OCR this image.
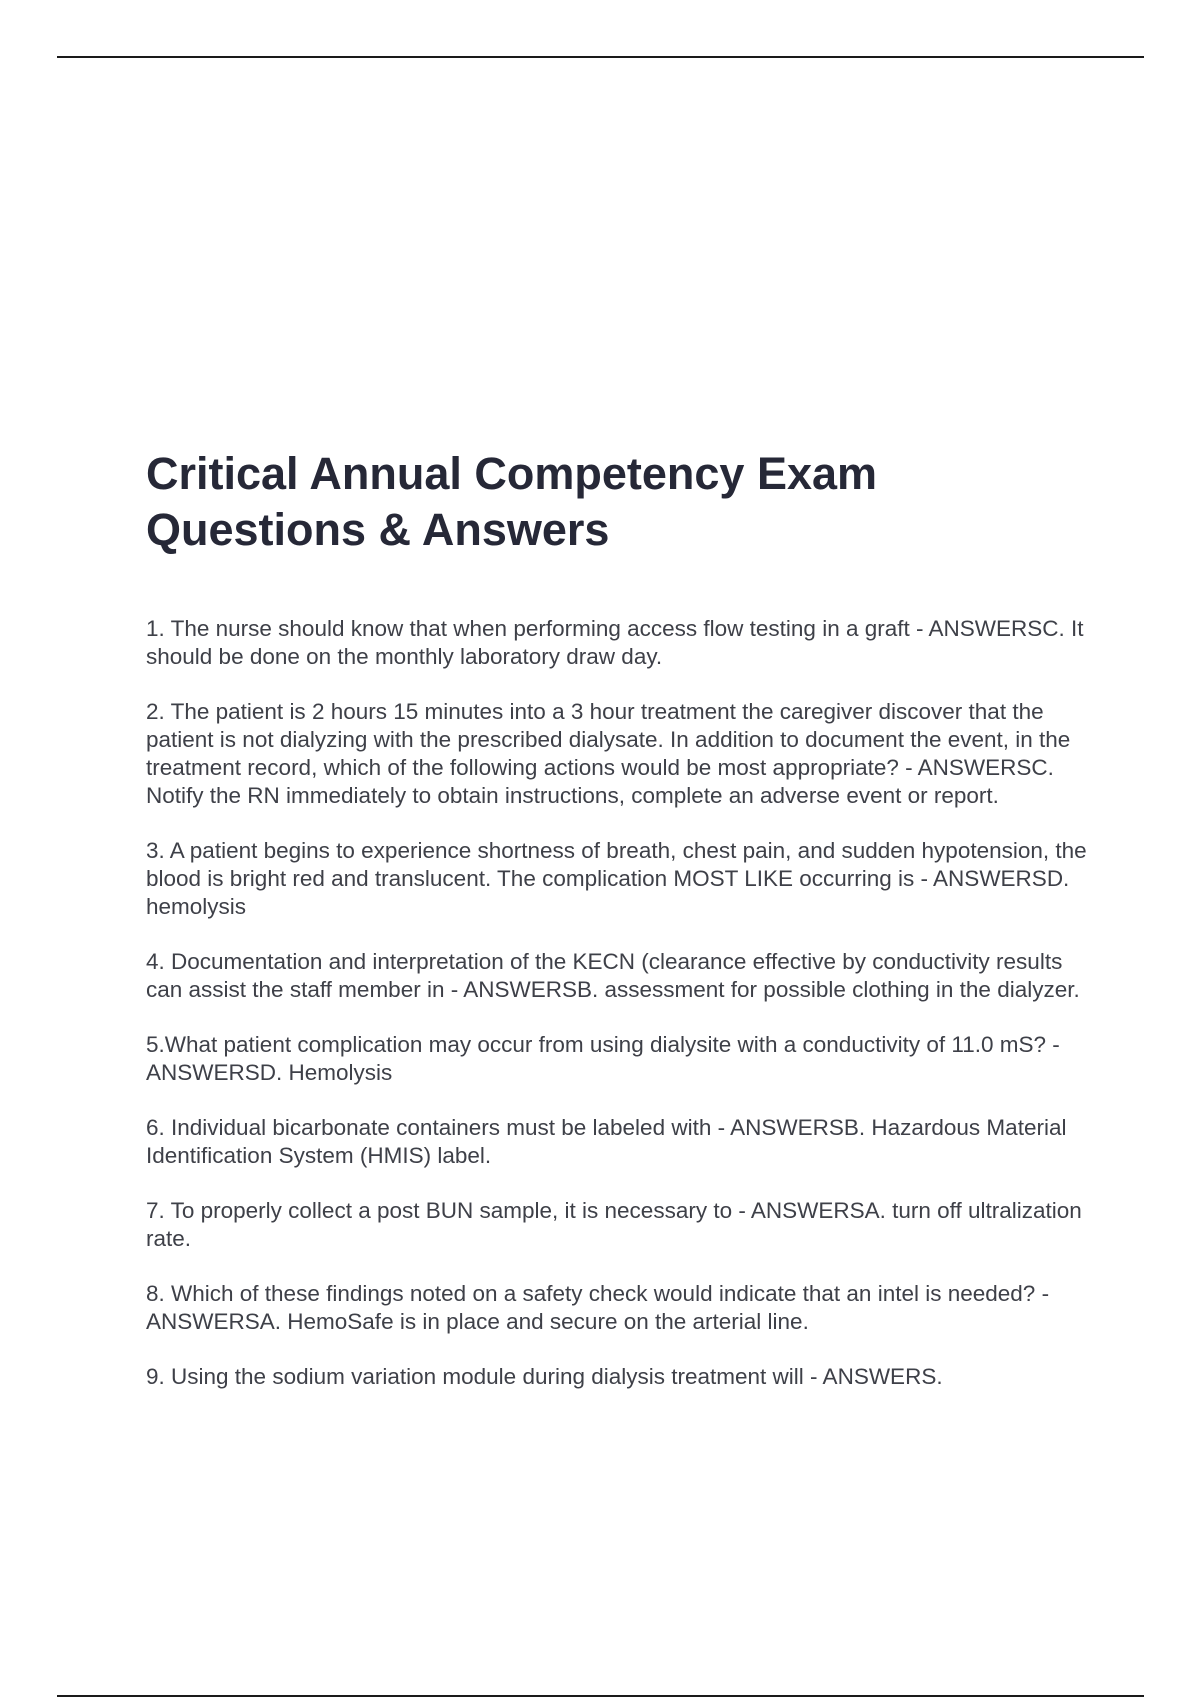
Critical Annual Competency Exam
Questions & Answers
1. The nurse should know that when performing access flow testing in a graft - ANSWERSC. It should be done on the monthly laboratory draw day.
2. The patient is 2 hours 15 minutes into a 3 hour treatment the caregiver discover that the patient is not dialyzing with the prescribed dialysate. In addition to document the event, in the treatment record, which of the following actions would be most appropriate? - ANSWERSC. Notify the RN immediately to obtain instructions, complete an adverse event or report.
3. A patient begins to experience shortness of breath, chest pain, and sudden hypotension, the blood is bright red and translucent. The complication MOST LIKE occurring is - ANSWERSD. hemolysis
4. Documentation and interpretation of the KECN (clearance effective by conductivity results can assist the staff member in - ANSWERSB. assessment for possible clothing in the dialyzer.
5.What patient complication may occur from using dialysite with a conductivity of 11.0 mS? - ANSWERSD. Hemolysis
6. Individual bicarbonate containers must be labeled with - ANSWERSB. Hazardous Material Identification System (HMIS) label.
7. To properly collect a post BUN sample, it is necessary to - ANSWERSA. turn off ultralization rate.
8. Which of these findings noted on a safety check would indicate that an intel is needed? - ANSWERSA. HemoSafe is in place and secure on the arterial line.
9. Using the sodium variation module during dialysis treatment will - ANSWERS.
